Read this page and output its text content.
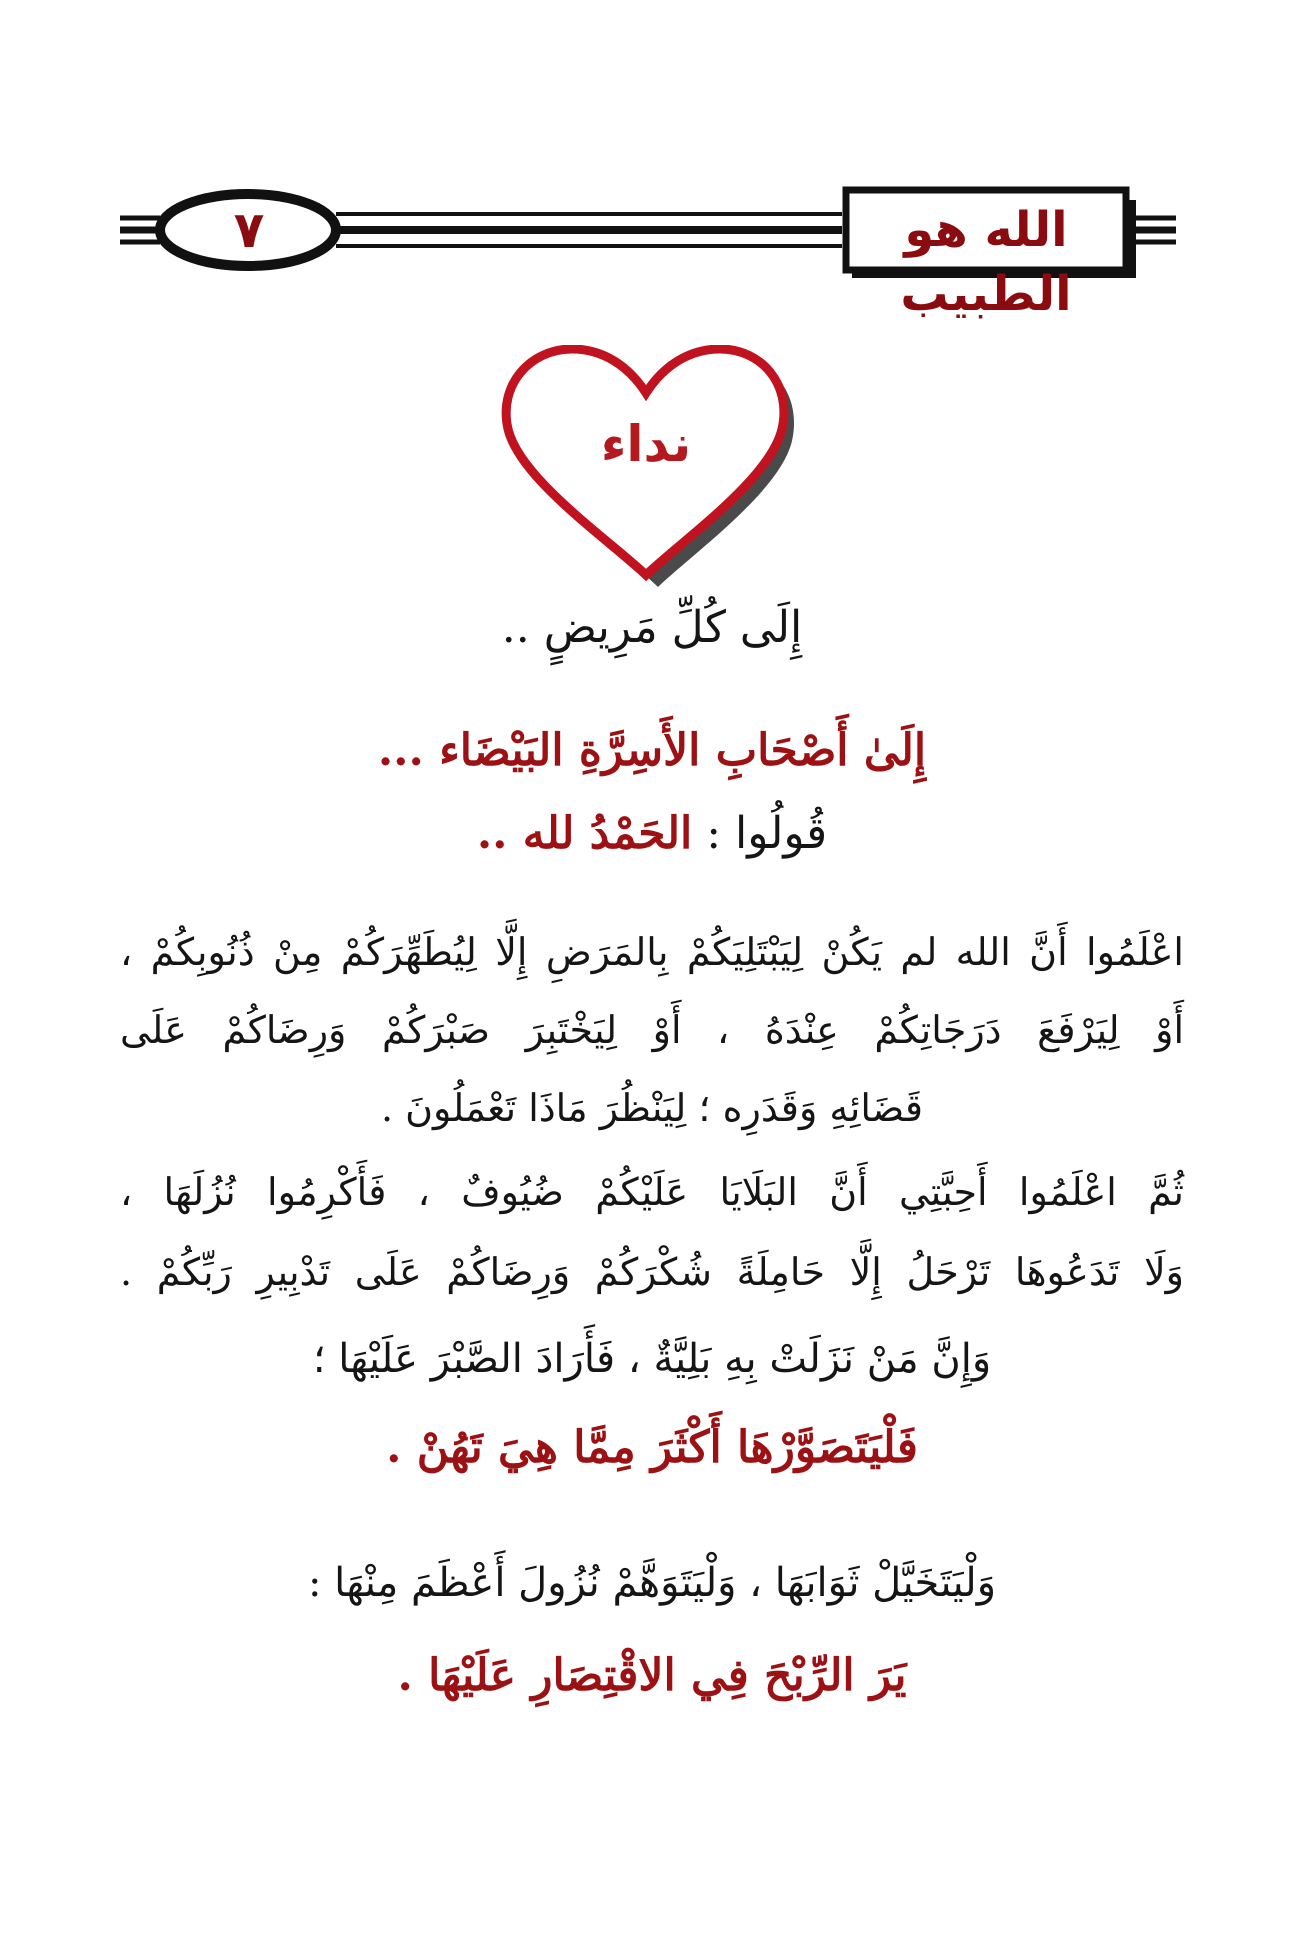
٧	الله هو الطبيب
نداء
إِلَى كُلِّ مَرِيضٍ ..
إِلَىٰ أَصْحَابِ الأَسِرَّةِ البَيْضَاء ...
قُولُوا : الحَمْدُ لله ..
اعْلَمُوا أَنَّ الله لم يَكُنْ لِيَبْتَلِيَكُمْ بِالمَرَضِ إِلَّا لِيُطَهِّرَكُمْ مِنْ ذُنُوبِكُمْ ،
أَوْ لِيَرْفَعَ دَرَجَاتِكُمْ عِنْدَهُ ، أَوْ لِيَخْتَبِرَ صَبْرَكُمْ وَرِضَاكُمْ عَلَى
قَضَائِهِ وَقَدَرِه ؛ لِيَنْظُرَ مَاذَا تَعْمَلُونَ .
ثُمَّ اعْلَمُوا أَحِبَّتِي أَنَّ البَلَايَا عَلَيْكُمْ ضُيُوفٌ ، فَأَكْرِمُوا نُزُلَهَا ،
وَلَا تَدَعُوهَا تَرْحَلُ إِلَّا حَامِلَةً شُكْرَكُمْ وَرِضَاكُمْ عَلَى تَدْبِيرِ رَبِّكُمْ .
وَإِنَّ مَنْ نَزَلَتْ بِهِ بَلِيَّةٌ ، فَأَرَادَ الصَّبْرَ عَلَيْهَا ؛
فَلْيَتَصَوَّرْهَا أَكْثَرَ مِمَّا هِيَ تَهُنْ .
وَلْيَتَخَيَّلْ ثَوَابَهَا ، وَلْيَتَوَهَّمْ نُزُولَ أَعْظَمَ مِنْهَا :
يَرَ الرِّبْحَ فِي الاقْتِصَارِ عَلَيْهَا .
